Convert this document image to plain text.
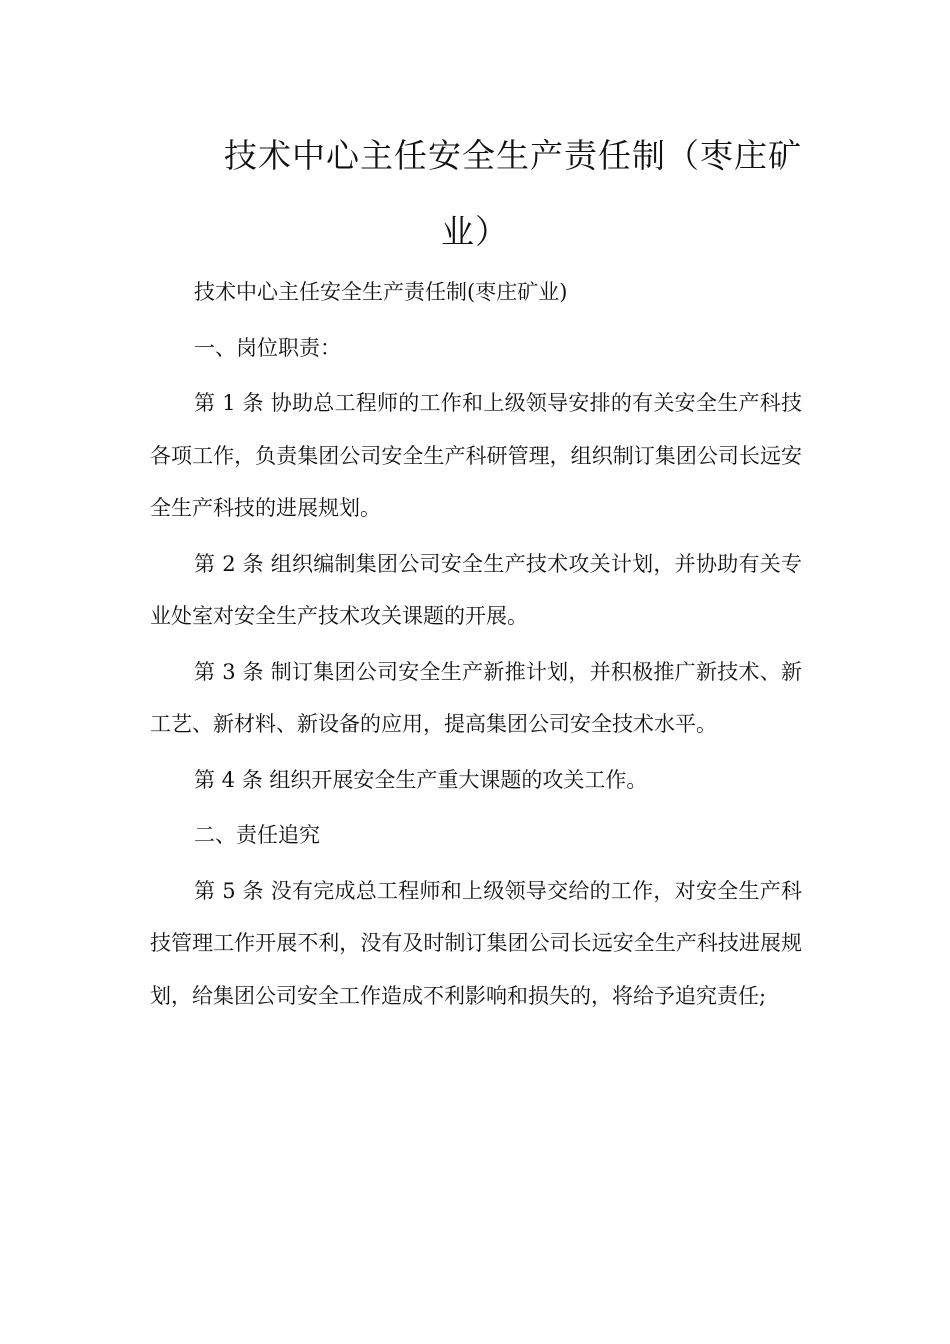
技术中心主任安全生产责任制（枣庄矿
业）

技术中心主任安全生产责任制(枣庄矿业)

一、岗位职责：

第 1 条 协助总工程师的工作和上级领导安排的有关安全生产科技各项工作，负责集团公司安全生产科研管理，组织制订集团公司长远安全生产科技的进展规划。

第 2 条 组织编制集团公司安全生产技术攻关计划，并协助有关专业处室对安全生产技术攻关课题的开展。

第 3 条 制订集团公司安全生产新推计划，并积极推广新技术、新工艺、新材料、新设备的应用，提高集团公司安全技术水平。

第 4 条 组织开展安全生产重大课题的攻关工作。

二、责任追究

第 5 条 没有完成总工程师和上级领导交给的工作，对安全生产科技管理工作开展不利，没有及时制订集团公司长远安全生产科技进展规划，给集团公司安全工作造成不利影响和损失的，将给予追究责任;
